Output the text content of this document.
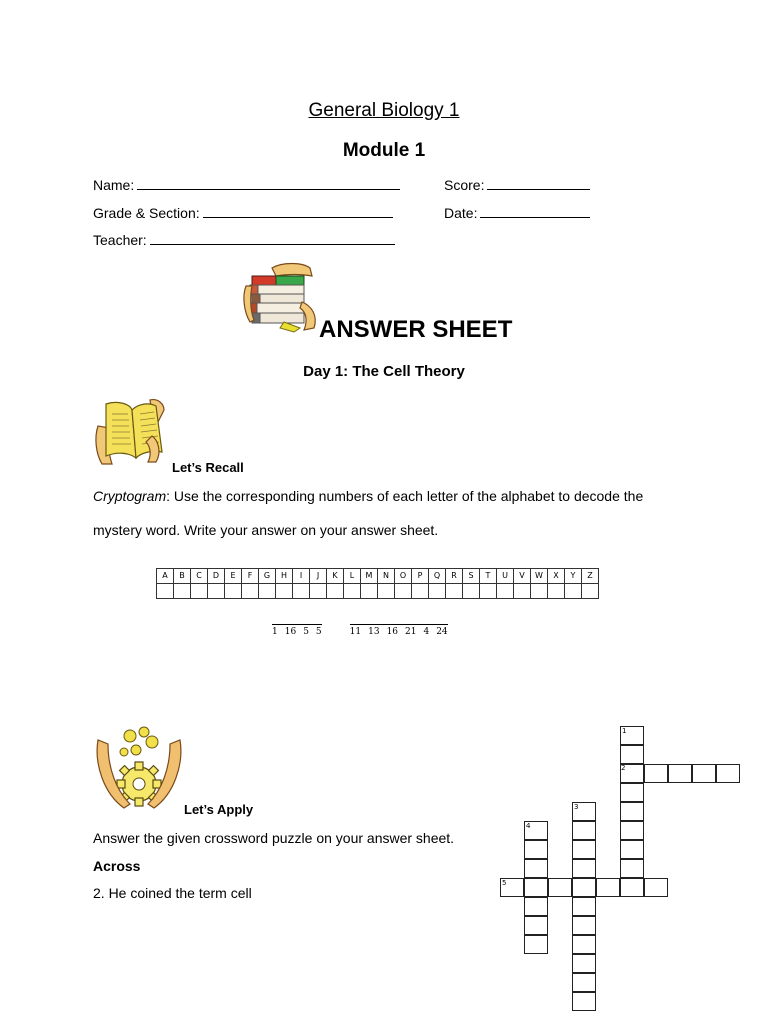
General Biology 1
Module 1
Name:	Score:
Grade & Section:	Date:
Teacher:
ANSWER SHEET
Day 1: The Cell Theory
Let’s Recall
Cryptogram: Use the corresponding numbers of each letter of the alphabet to decode the
mystery word. Write your answer on your answer sheet.
A	B	C	D	E	F	G	H	I	J	K	L	M	N	O	P	Q	R	S	T	U	V	W	X	Y	Z

1 16 5 5	11 13 16 21 4 24
Let’s Apply
Answer the given crossword puzzle on your answer sheet.
Across
2. He coined the term cell
1
2
3
4
5
